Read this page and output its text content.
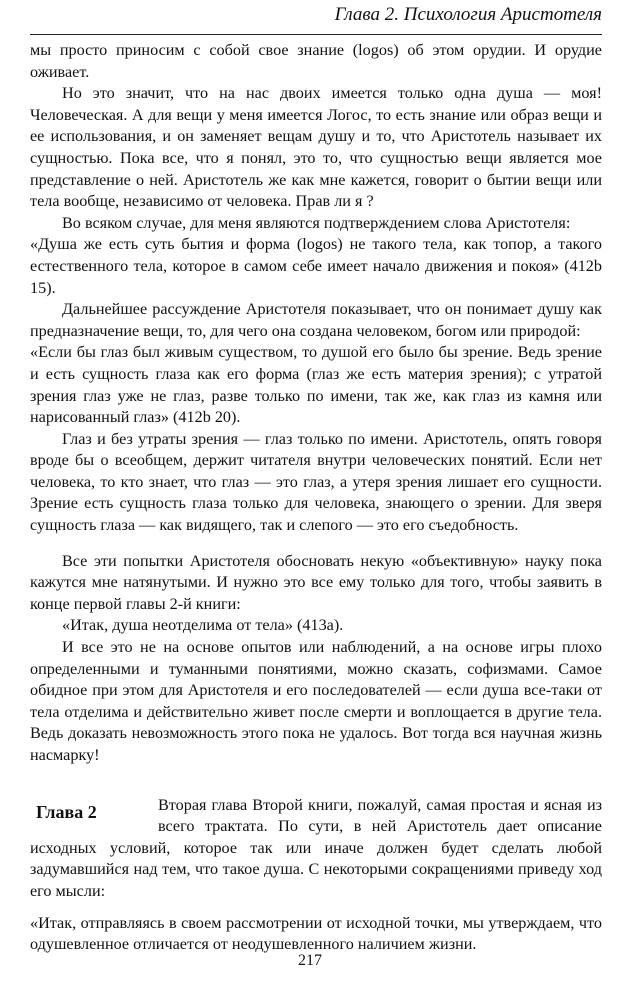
Глава 2. Психология Аристотеля

мы просто приносим с собой свое знание (logos) об этом орудии. И орудие оживает.

Но это значит, что на нас двоих имеется только одна душа — моя! Человеческая. А для вещи у меня имеется Логос, то есть знание или образ вещи и ее использования, и он заменяет вещам душу и то, что Аристотель называет их сущностью. Пока все, что я понял, это то, что сущностью вещи является мое представление о ней. Аристотель же как мне кажется, говорит о бытии вещи или тела вообще, независимо от человека. Прав ли я ?

Во всяком случае, для меня являются подтверждением слова Аристотеля:

«Душа же есть суть бытия и форма (logos) не такого тела, как топор, а такого естественного тела, которое в самом себе имеет начало движения и покоя» (412b 15).

Дальнейшее рассуждение Аристотеля показывает, что он понимает душу как предназначение вещи, то, для чего она создана человеком, богом или природой:

«Если бы глаз был живым существом, то душой его было бы зрение. Ведь зрение и есть сущность глаза как его форма (глаз же есть материя зрения); с утратой зрения глаз уже не глаз, разве только по имени, так же, как глаз из камня или нарисованный глаз» (412b 20).

Глаз и без утраты зрения — глаз только по имени. Аристотель, опять говоря вроде бы о всеобщем, держит читателя внутри человеческих понятий. Если нет человека, то кто знает, что глаз — это глаз, а утеря зрения лишает его сущности. Зрение есть сущность глаза только для человека, знающего о зрении. Для зверя сущность глаза — как видящего, так и слепого — это его съедобность.

Все эти попытки Аристотеля обосновать некую «объективную» науку пока кажутся мне натянутыми. И нужно это все ему только для того, чтобы заявить в конце первой главы 2-й книги:

«Итак, душа неотделима от тела» (413а).

И все это не на основе опытов или наблюдений, а на основе игры плохо определенными и туманными понятиями, можно сказать, софизмами. Самое обидное при этом для Аристотеля и его последователей — если душа все-таки от тела отделима и действительно живет после смерти и воплощается в другие тела. Ведь доказать невозможность этого пока не удалось. Вот тогда вся научная жизнь насмарку!

Глава 2	Вторая глава Второй книги, пожалуй, самая простая и ясная из всего трактата. По сути, в ней Аристотель дает описание исходных условий, которое так или иначе должен будет сделать любой задумавшийся над тем, что такое душа. С некоторыми сокращениями приведу ход его мысли:

«Итак, отправляясь в своем рассмотрении от исходной точки, мы утверждаем, что одушевленное отличается от неодушевленного наличием жизни.

217
